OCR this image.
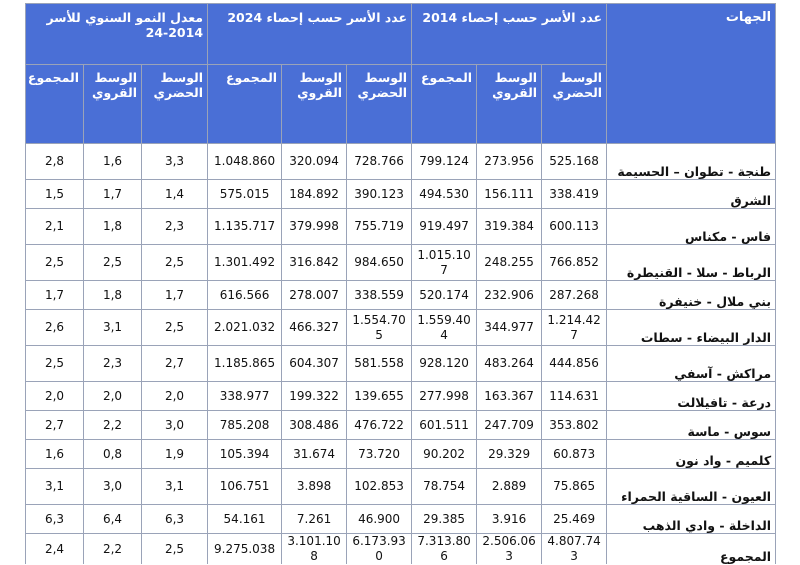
الجهات	عدد الأسر حسب إحصاء 2014			عدد الأسر حسب إحصاء 2024			معدل النمو السنوي للأسر 2014-24		
	الوسط الحضري	الوسط القروي	المجموع	الوسط الحضري	الوسط القروي	المجموع	الوسط الحضري	الوسط القروي	المجموع
طنجة - تطوان – الحسيمة	525.168	273.956	799.124	728.766	320.094	1.048.860	3,3	1,6	2,8
الشرق	338.419	156.111	494.530	390.123	184.892	575.015	1,4	1,7	1,5
فاس - مكناس	600.113	319.384	919.497	755.719	379.998	1.135.717	2,3	1,8	2,1
الرباط - سلا - القنيطرة	766.852	248.255	1.015.107	984.650	316.842	1.301.492	2,5	2,5	2,5
بني ملال - خنيفرة	287.268	232.906	520.174	338.559	278.007	616.566	1,7	1,8	1,7
الدار البيضاء - سطات	1.214.427	344.977	1.559.404	1.554.705	466.327	2.021.032	2,5	3,1	2,6
مراكش - آسفي	444.856	483.264	928.120	581.558	604.307	1.185.865	2,7	2,3	2,5
درعة - تافيلالت	114.631	163.367	277.998	139.655	199.322	338.977	2,0	2,0	2,0
سوس - ماسة	353.802	247.709	601.511	476.722	308.486	785.208	3,0	2,2	2,7
كلميم - واد نون	60.873	29.329	90.202	73.720	31.674	105.394	1,9	0,8	1,6
العيون - الساقية الحمراء	75.865	2.889	78.754	102.853	3.898	106.751	3,1	3,0	3,1
الداخلة - وادي الذهب	25.469	3.916	29.385	46.900	7.261	54.161	6,3	6,4	6,3
المجموع	4.807.743	2.506.063	7.313.806	6.173.930	3.101.108	9.275.038	2,5	2,2	2,4
